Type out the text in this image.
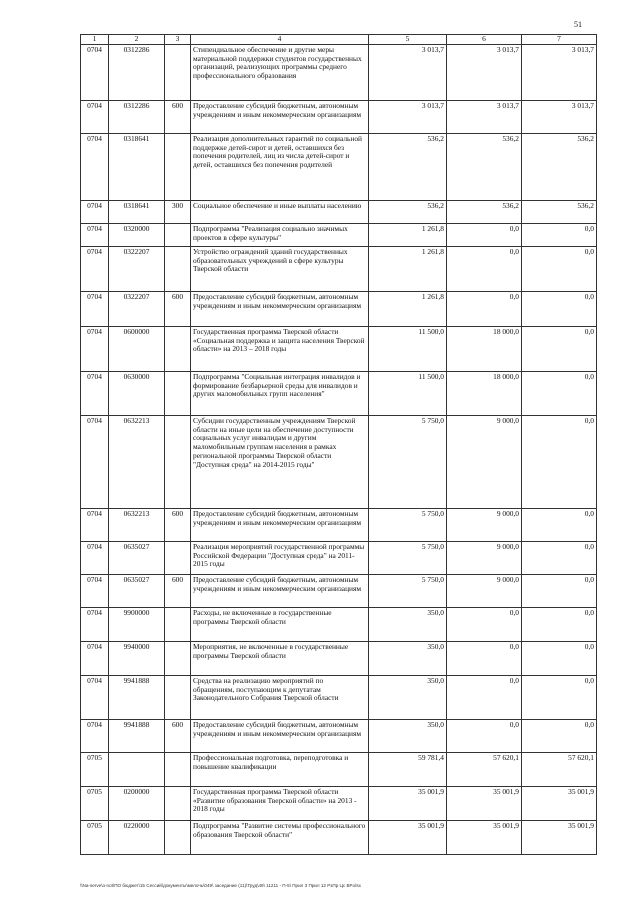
51
1	2	3	4	5	6	7
0704	0312286		Стипендиальное обеспечение и другие меры материальной поддержки студентов государственных организаций, реализующих программы среднего профессионального образования	3 013,7	3 013,7	3 013,7
0704	0312286	600	Предоставление субсидий бюджетным, автономным учреждениям и иным некоммерческим организациям	3 013,7	3 013,7	3 013,7
0704	0318641		Реализация дополнительных гарантий по социальной поддержке детей-сирот и детей, оставшихся без попечения родителей, лиц из числа детей-сирот и детей, оставшихся без попечения родителей	536,2	536,2	536,2
0704	0318641	300	Социальное обеспечение и иные выплаты населению	536,2	536,2	536,2
0704	0320000		Подпрограмма "Реализация социально значимых проектов в сфере культуры"	1 261,8	0,0	0,0
0704	0322207		Устройство ограждений зданий государственных образовательных учреждений в сфере культуры Тверской области	1 261,8	0,0	0,0
0704	0322207	600	Предоставление субсидий бюджетным, автономным учреждениям и иным некоммерческим организациям	1 261,8	0,0	0,0
0704	0600000		Государственная программа Тверской области «Социальная поддержка и защита населения Тверской области» на 2013 – 2018 годы	11 500,0	18 000,0	0,0
0704	0630000		Подпрограмма "Социальная интеграция инвалидов и формирование безбарьерной среды для инвалидов и других маломобильных групп населения"	11 500,0	18 000,0	0,0
0704	0632213		Субсидии государственным учреждениям Тверской области на иные цели на обеспечение доступности социальных услуг инвалидам и другим маломобильным группам населения в рамках региональной программы Тверской области "Доступная среда" на 2014-2015 годы"	5 750,0	9 000,0	0,0
0704	0632213	600	Предоставление субсидий бюджетным, автономным учреждениям и иным некоммерческим организациям	5 750,0	9 000,0	0,0
0704	0635027		Реализация мероприятий государственной программы Российской Федерации "Доступная среда" на 2011-2015 годы	5 750,0	9 000,0	0,0
0704	0635027	600	Предоставление субсидий бюджетным, автономным учреждениям и иным некоммерческим организациям	5 750,0	9 000,0	0,0
0704	9900000		Расходы, не включенные в государственные программы Тверской области	350,0	0,0	0,0
0704	9940000		Мероприятия, не включенные в государственные программы Тверской области	350,0	0,0	0,0
0704	9941888		Средства на реализацию мероприятий по обращениям, поступающим к депутатам Законодательного Собрания Тверской области	350,0	0,0	0,0
0704	9941888	600	Предоставление субсидий бюджетным, автономным учреждениям и иным некоммерческим организациям	350,0	0,0	0,0
0705			Профессиональная подготовка, переподготовка и повышение квалификации	59 781,4	57 620,1	57 620,1
0705	0200000		Государственная программа Тверской области «Развитие образования Тверской области» на 2013 - 2018 годы	35 001,9	35 001,9	35 001,9
0705	0220000		Подпрограмма "Развитие системы профессионального образования Тверской области"	35 001,9	35 001,9	35 001,9
\\Na-serve\o-not\ПО бюджет\15 Сессий\документы\мелочь\049\ заседание (11)\Труд\49\ 11211 - П-5\ Прил 3 Прил 12 РзПр Цс ВР.xlsx
